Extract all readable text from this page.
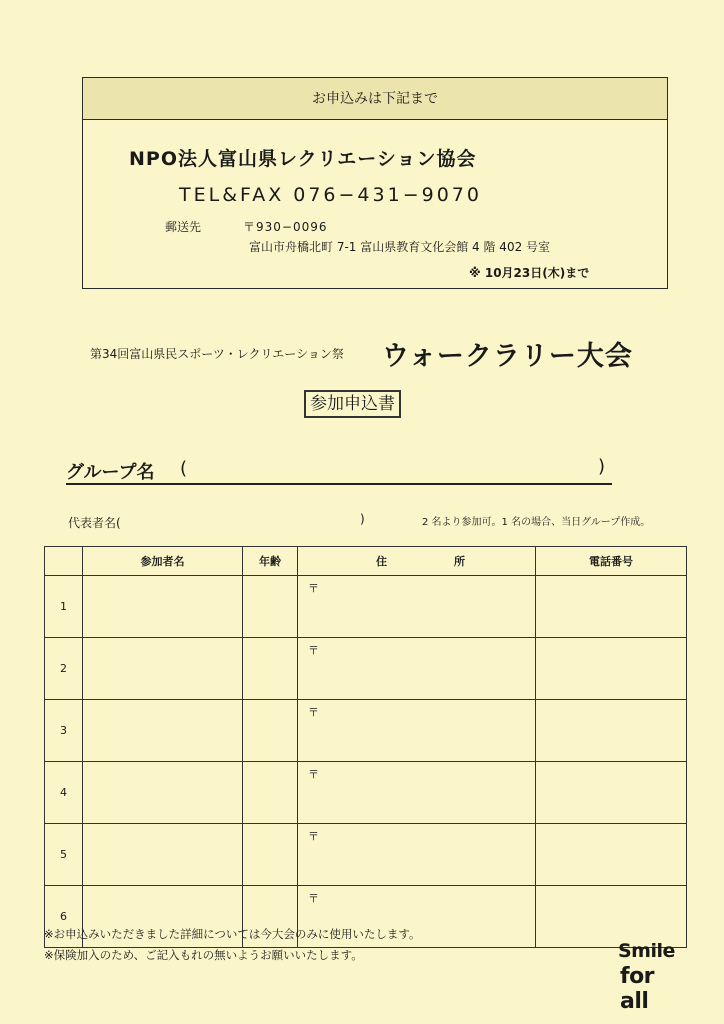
お申込みは下記まで
NPO法人富山県レクリエーション協会
TEL&FAX 076−431−9070
郵送先	〒930−0096
富山市舟橋北町 7-1 富山県教育文化会館 4 階 402 号室
※ 10月23日(木)まで
第34回富山県民スポーツ・レクリエーション祭 ウォークラリー大会
参加申込書
グループ名 (	)
代表者名(	)	2 名より参加可。1 名の場合、当日グループ作成。
	参加者名	年齢	住 所	電話番号
1			〒	
2			〒	
3			〒	
4			〒	
5			〒	
6			〒	
※お申込みいただきました詳細については今大会のみに使用いたします。
※保険加入のため、ご記入もれの無いようお願いいたします。	Smile
for all
